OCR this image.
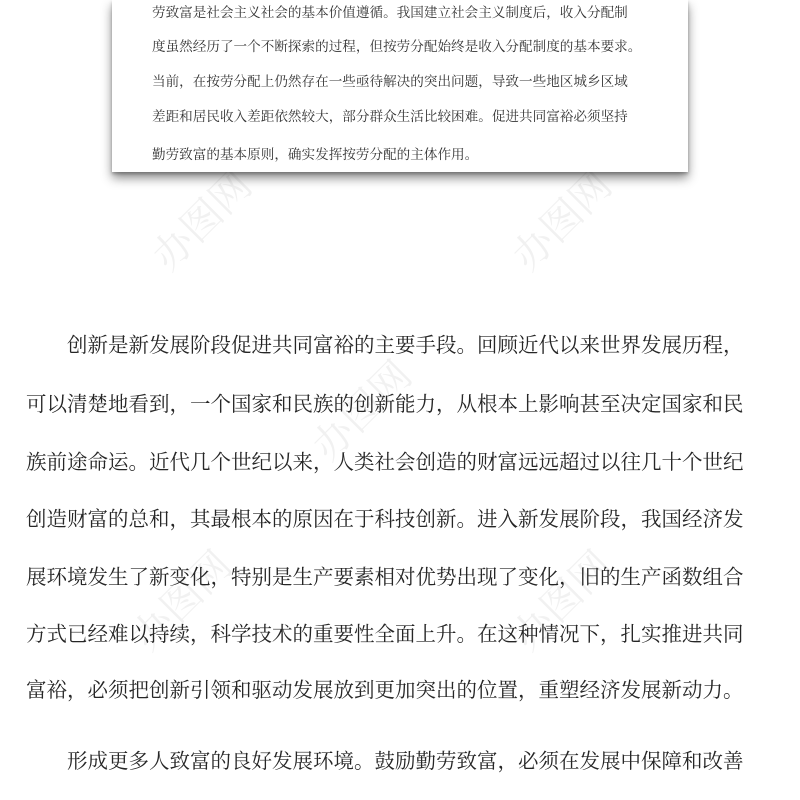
办图网	办图网
办图网
办图网	办图网
劳致富是社会主义社会的基本价值遵循。我国建立社会主义制度后，收入分配制
度虽然经历了一个不断探索的过程，但按劳分配始终是收入分配制度的基本要求。
当前，在按劳分配上仍然存在一些亟待解决的突出问题，导致一些地区城乡区域
差距和居民收入差距依然较大，部分群众生活比较困难。促进共同富裕必须坚持
勤劳致富的基本原则，确实发挥按劳分配的主体作用。
　　创新是新发展阶段促进共同富裕的主要手段。回顾近代以来世界发展历程，
可以清楚地看到，一个国家和民族的创新能力，从根本上影响甚至决定国家和民
族前途命运。近代几个世纪以来，人类社会创造的财富远远超过以往几十个世纪
创造财富的总和，其最根本的原因在于科技创新。进入新发展阶段，我国经济发
展环境发生了新变化，特别是生产要素相对优势出现了变化，旧的生产函数组合
方式已经难以持续，科学技术的重要性全面上升。在这种情况下，扎实推进共同
富裕，必须把创新引领和驱动发展放到更加突出的位置，重塑经济发展新动力。
　　形成更多人致富的良好发展环境。鼓励勤劳致富，必须在发展中保障和改善
